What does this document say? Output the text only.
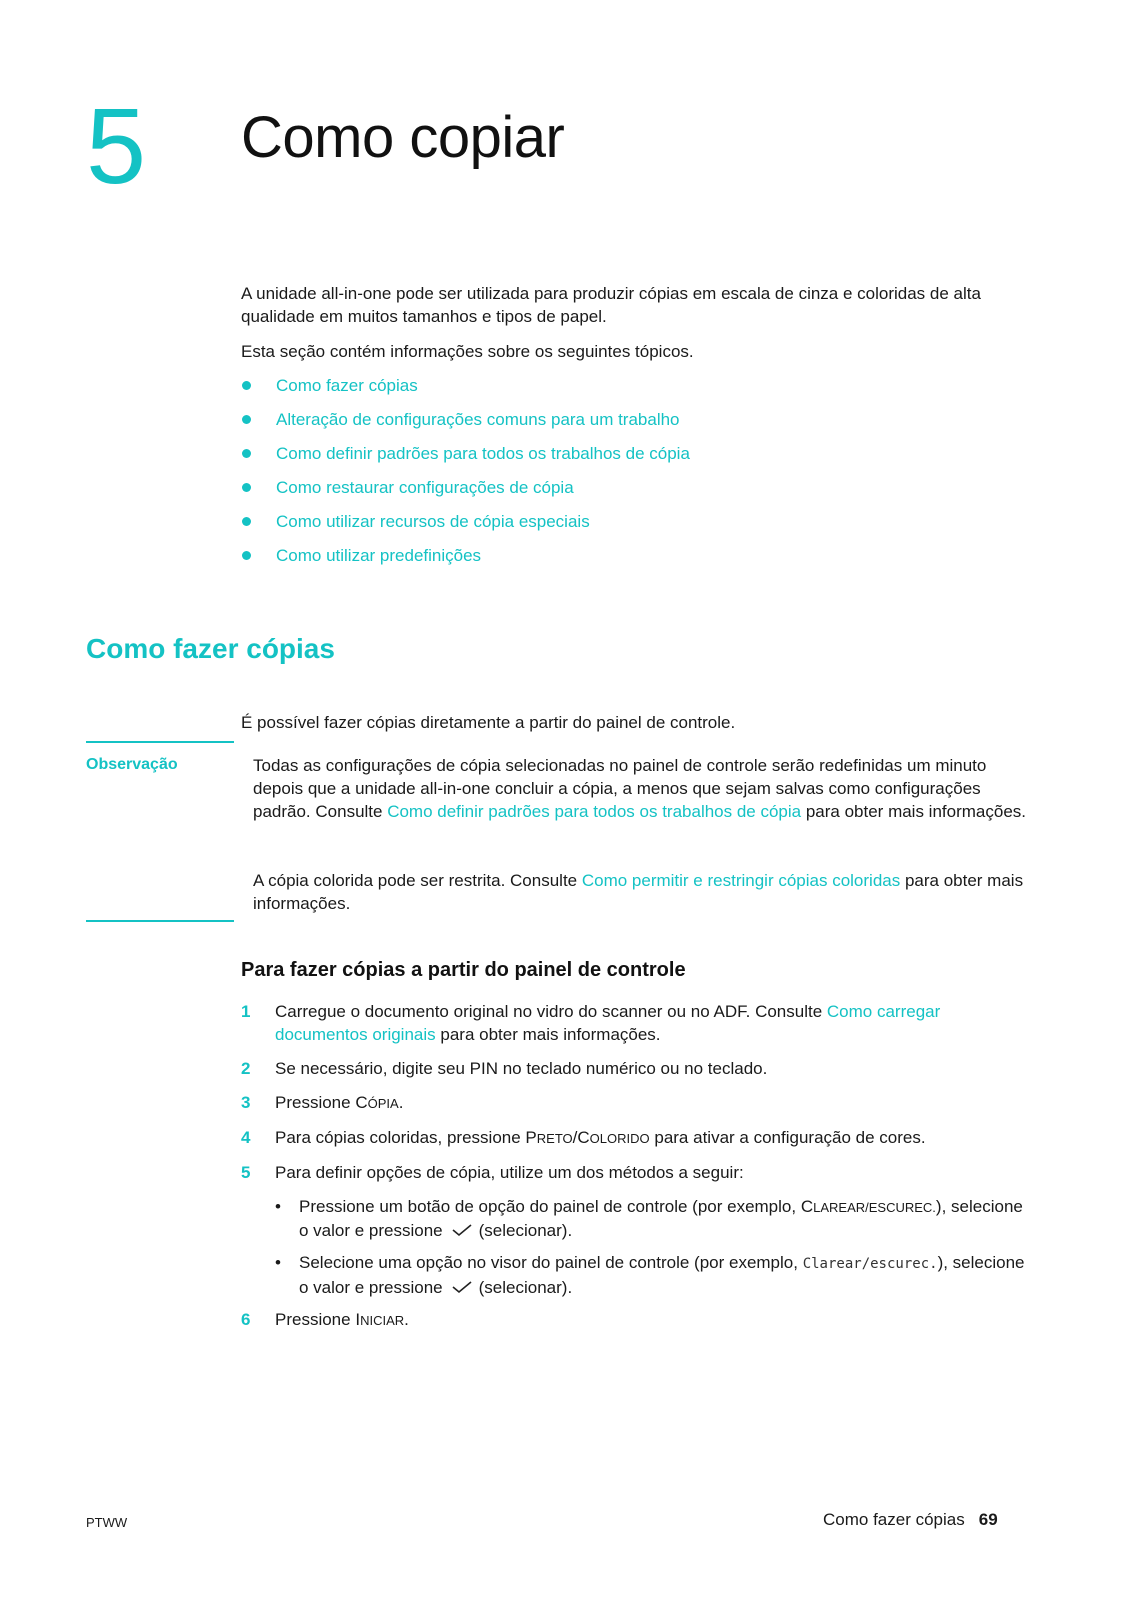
5 Como copiar

A unidade all-in-one pode ser utilizada para produzir cópias em escala de cinza e coloridas de alta qualidade em muitos tamanhos e tipos de papel.

Esta seção contém informações sobre os seguintes tópicos.

Como fazer cópias
Alteração de configurações comuns para um trabalho
Como definir padrões para todos os trabalhos de cópia
Como restaurar configurações de cópia
Como utilizar recursos de cópia especiais
Como utilizar predefinições
Como fazer cópias

É possível fazer cópias diretamente a partir do painel de controle.

Observação	Todas as configurações de cópia selecionadas no painel de controle serão redefinidas um minuto depois que a unidade all-in-one concluir a cópia, a menos que sejam salvas como configurações padrão. Consulte Como definir padrões para todos os trabalhos de cópia para obter mais informações.

A cópia colorida pode ser restrita. Consulte Como permitir e restringir cópias coloridas para obter mais informações.

Para fazer cópias a partir do painel de controle
1 Carregue o documento original no vidro do scanner ou no ADF. Consulte Como carregar documentos originais para obter mais informações.
2 Se necessário, digite seu PIN no teclado numérico ou no teclado.
3 Pressione CÓPIA.
4 Para cópias coloridas, pressione PRETO/COLORIDO para ativar a configuração de cores.
5 Para definir opções de cópia, utilize um dos métodos a seguir:
• Pressione um botão de opção do painel de controle (por exemplo, CLAREAR/ESCUREC.), selecione o valor e pressione (selecionar).
• Selecione uma opção no visor do painel de controle (por exemplo, Clarear/escurec.), selecione o valor e pressione (selecionar).
6 Pressione INICIAR.
PTWW	Como fazer cópias 69
